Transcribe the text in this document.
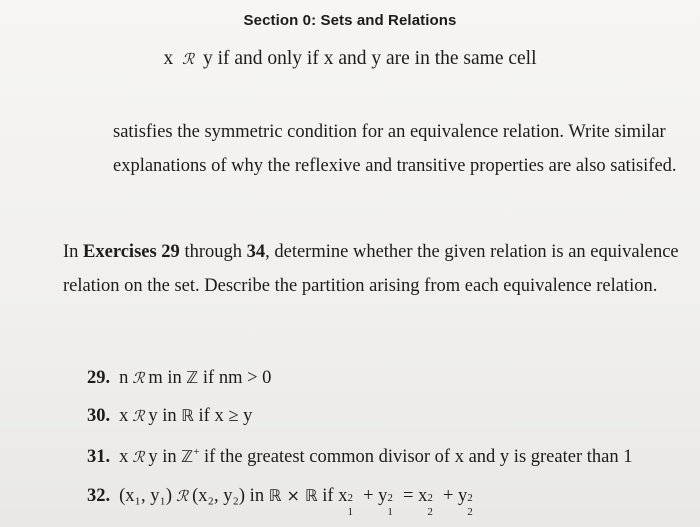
Section 0: Sets and Relations
x ℛ y if and only if x and y are in the same cell
satisfies the symmetric condition for an equivalence relation. Write similar explanations of why the reflexive and transitive properties are also satisifed.
In Exercises 29 through 34, determine whether the given relation is an equivalence relation on the set. Describe the partition arising from each equivalence relation.
29. n ℛ m in ℤ if nm > 0
30. x ℛ y in ℝ if x ≥ y
31. x ℛ y in ℤ+ if the greatest common divisor of x and y is greater than 1
32. (x₁, y₁) ℛ (x₂, y₂) in ℝ × ℝ if x 2
1
+ y 2
1
= x 2
2
+ y 2
2
